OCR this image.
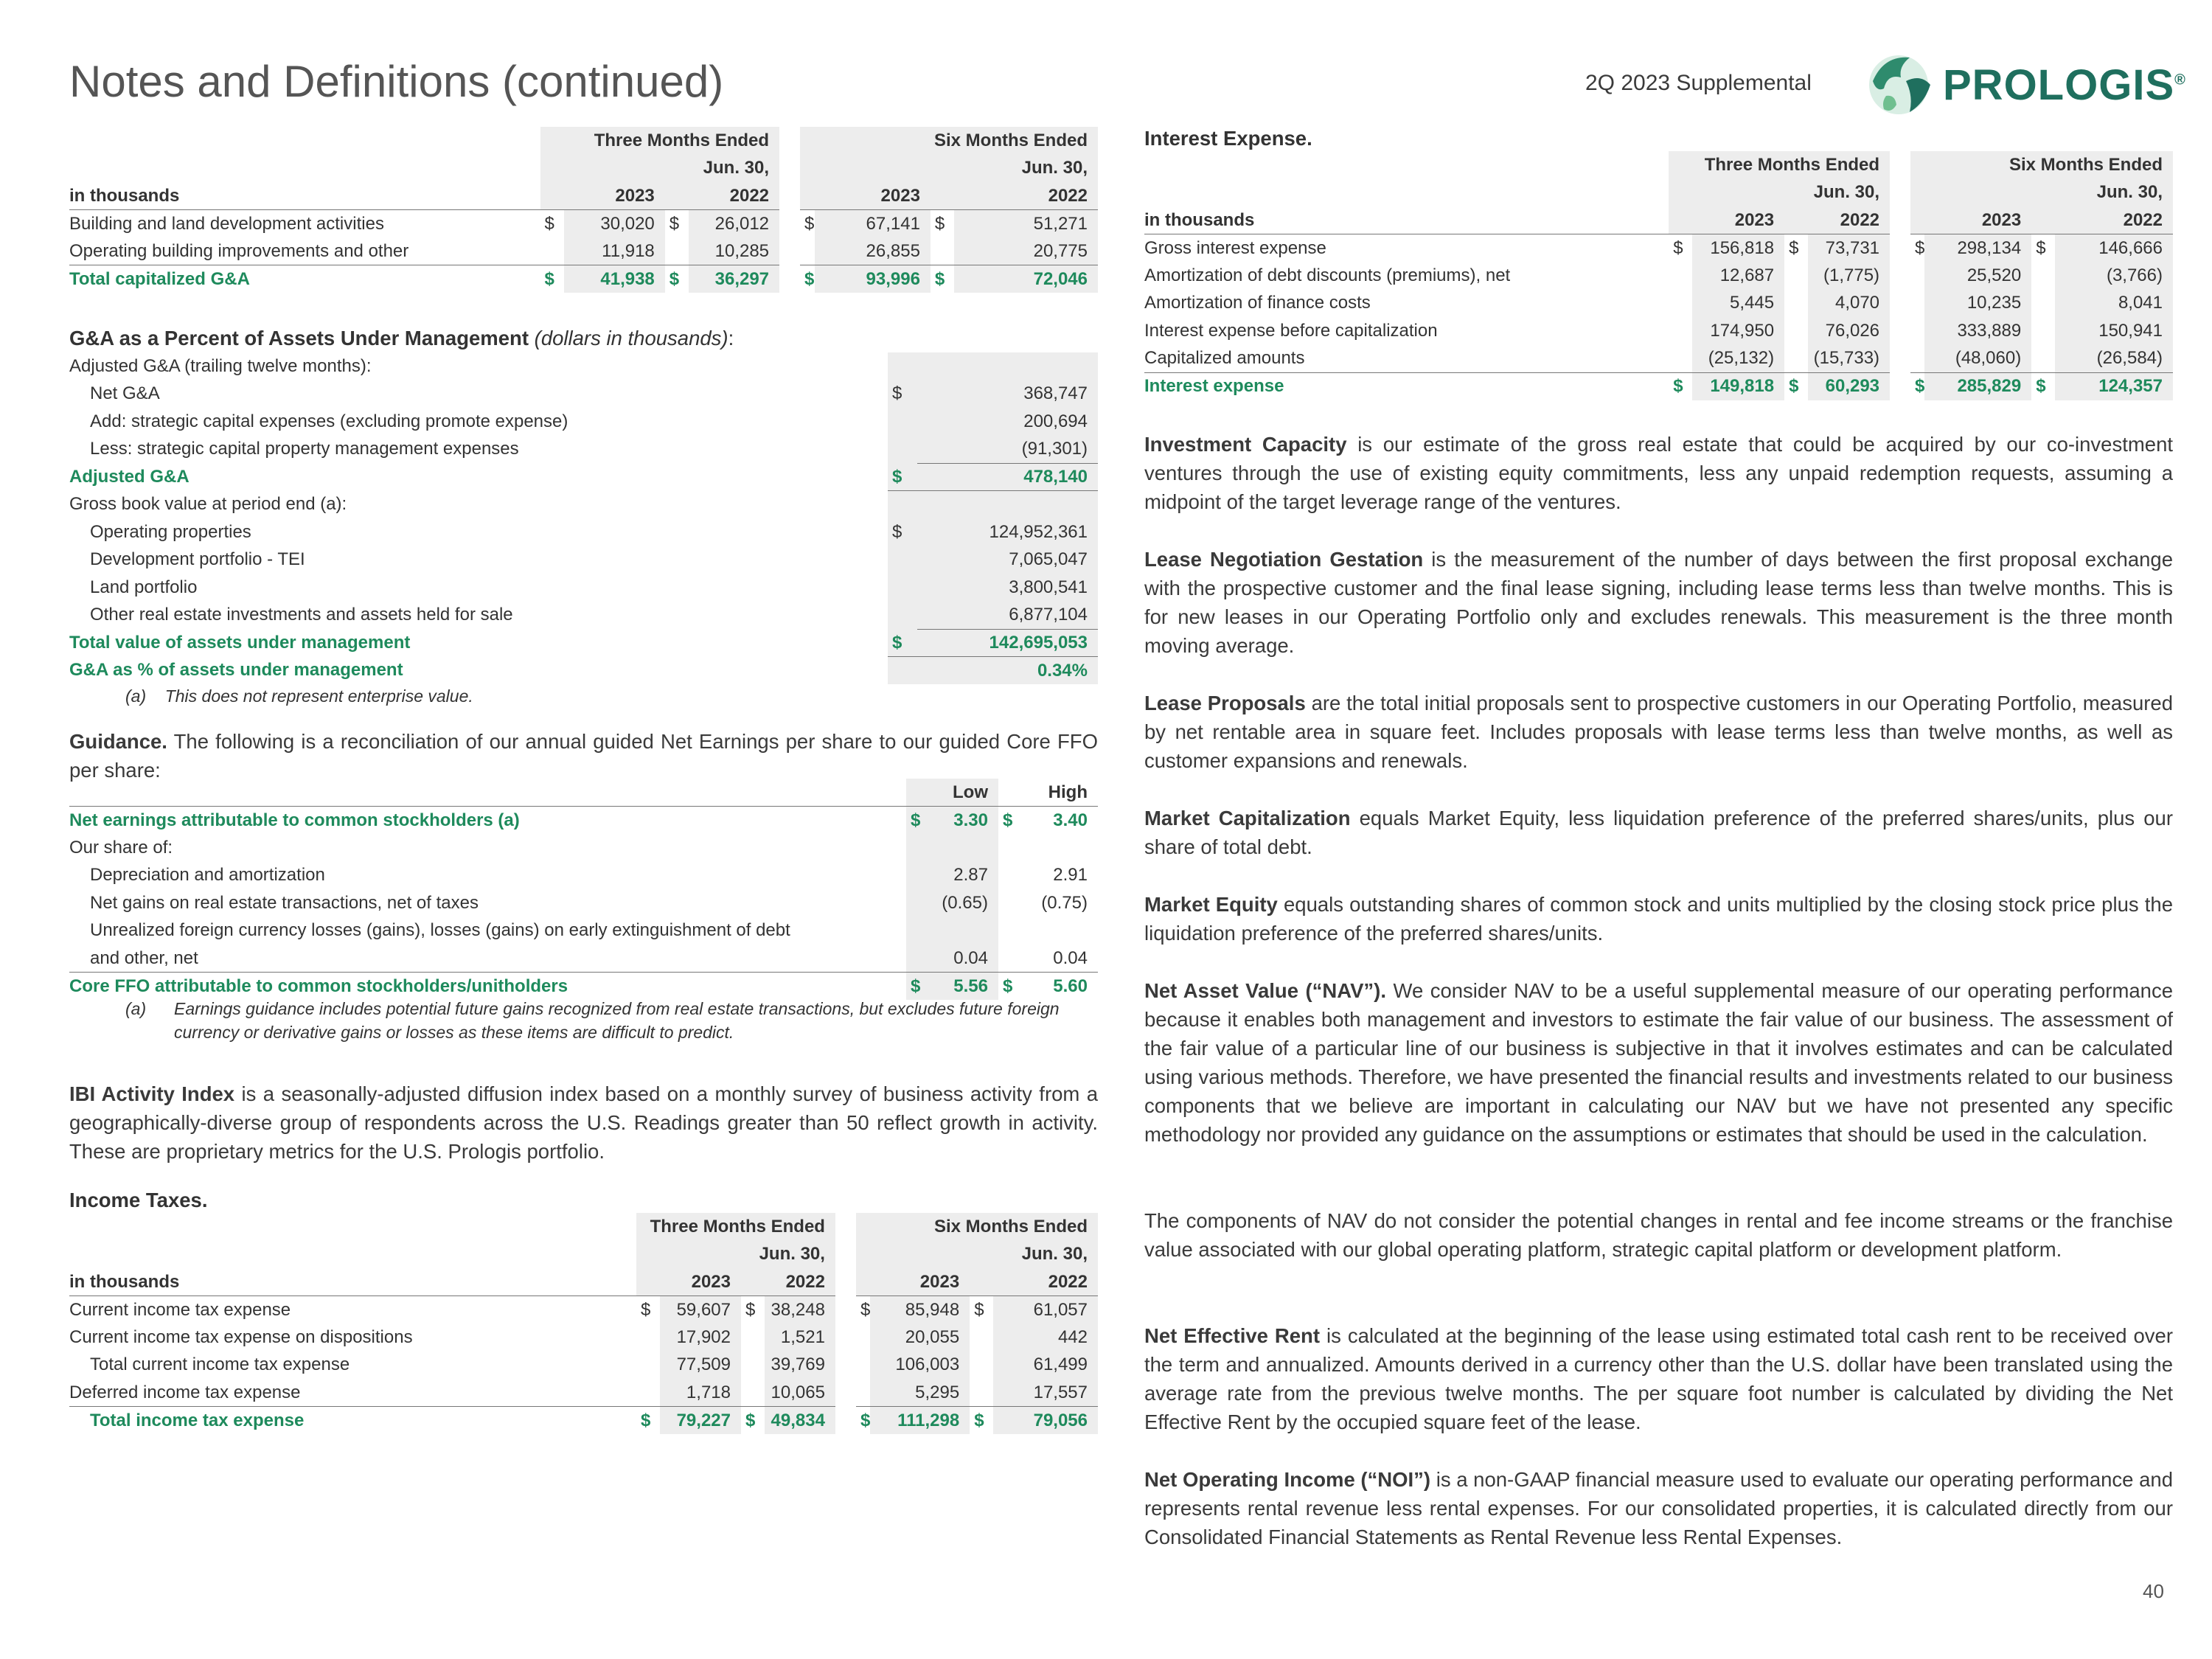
Notes and Definitions (continued)	2Q 2023 Supplemental	PROLOGIS®
40
	Three Months Ended				Six Months Ended			
	Jun. 30,				Jun. 30,			
in thousands		2023		2022		2023		2022
Building and land development activities	$	30,020	$	26,012	$	67,141	$	51,271
Operating building improvements and other		11,918		10,285		26,855		20,775
Total capitalized G&A	$	41,938	$	36,297	$	93,996	$	72,046
G&A as a Percent of Assets Under Management (dollars in thousands):
Adjusted G&A (trailing twelve months):		
Net G&A	$	368,747
Add: strategic capital expenses (excluding promote expense)		200,694
Less: strategic capital property management expenses		(91,301)
Adjusted G&A	$	478,140
Gross book value at period end (a):		
Operating properties	$	124,952,361
Development portfolio - TEI		7,065,047
Land portfolio		3,800,541
Other real estate investments and assets held for sale		6,877,104
Total value of assets under management	$	142,695,053
G&A as % of assets under management		0.34%
(a) This does not represent enterprise value.
Guidance. The following is a reconciliation of our annual guided Net Earnings per share to our guided Core FFO per share:
		Low		High
Net earnings attributable to common stockholders (a)	$	3.30	$	3.40
Our share of:				
Depreciation and amortization		2.87		2.91
Net gains on real estate transactions, net of taxes		(0.65)		(0.75)
Unrealized foreign currency losses (gains), losses (gains) on early extinguishment of debt				
and other, net		0.04		0.04
Core FFO attributable to common stockholders/unitholders	$	5.56	$	5.60
(a)	Earnings guidance includes potential future gains recognized from real estate transactions, but excludes future foreign currency or derivative gains or losses as these items are difficult to predict.
IBI Activity Index is a seasonally-adjusted diffusion index based on a monthly survey of business activity from a geographically-diverse group of respondents across the U.S. Readings greater than 50 reflect growth in activity. These are proprietary metrics for the U.S. Prologis portfolio.
Income Taxes.
	Three Months Ended				Six Months Ended			
	Jun. 30,				Jun. 30,			
in thousands		2023		2022		2023		2022
Current income tax expense	$	59,607	$	38,248	$	85,948	$	61,057
Current income tax expense on dispositions		17,902		1,521		20,055		442
Total current income tax expense		77,509		39,769		106,003		61,499
Deferred income tax expense		1,718		10,065		5,295		17,557
Total income tax expense	$	79,227	$	49,834	$	111,298	$	79,056
Interest Expense.
	Three Months Ended				Six Months Ended			
	Jun. 30,				Jun. 30,			
in thousands		2023		2022		2023		2022
Gross interest expense	$	156,818	$	73,731	$	298,134	$	146,666
Amortization of debt discounts (premiums), net		12,687		(1,775)		25,520		(3,766)
Amortization of finance costs		5,445		4,070		10,235		8,041
Interest expense before capitalization		174,950		76,026		333,889		150,941
Capitalized amounts		(25,132)		(15,733)		(48,060)		(26,584)
Interest expense	$	149,818	$	60,293	$	285,829	$	124,357
Investment Capacity is our estimate of the gross real estate that could be acquired by our co-investment ventures through the use of existing equity commitments, less any unpaid redemption requests, assuming a midpoint of the target leverage range of the ventures.
Lease Negotiation Gestation is the measurement of the number of days between the first proposal exchange with the prospective customer and the final lease signing, including lease terms less than twelve months. This is for new leases in our Operating Portfolio only and excludes renewals. This measurement is the three month moving average.
Lease Proposals are the total initial proposals sent to prospective customers in our Operating Portfolio, measured by net rentable area in square feet. Includes proposals with lease terms less than twelve months, as well as customer expansions and renewals.
Market Capitalization equals Market Equity, less liquidation preference of the preferred shares/units, plus our share of total debt.
Market Equity equals outstanding shares of common stock and units multiplied by the closing stock price plus the liquidation preference of the preferred shares/units.
Net Asset Value (“NAV”). We consider NAV to be a useful supplemental measure of our operating performance because it enables both management and investors to estimate the fair value of our business. The assessment of the fair value of a particular line of our business is subjective in that it involves estimates and can be calculated using various methods. Therefore, we have presented the financial results and investments related to our business components that we believe are important in calculating our NAV but we have not presented any specific methodology nor provided any guidance on the assumptions or estimates that should be used in the calculation.
The components of NAV do not consider the potential changes in rental and fee income streams or the franchise value associated with our global operating platform, strategic capital platform or development platform.
Net Effective Rent is calculated at the beginning of the lease using estimated total cash rent to be received over the term and annualized. Amounts derived in a currency other than the U.S. dollar have been translated using the average rate from the previous twelve months. The per square foot number is calculated by dividing the Net Effective Rent by the occupied square feet of the lease.
Net Operating Income (“NOI”) is a non-GAAP financial measure used to evaluate our operating performance and represents rental revenue less rental expenses. For our consolidated properties, it is calculated directly from our Consolidated Financial Statements as Rental Revenue less Rental Expenses.
